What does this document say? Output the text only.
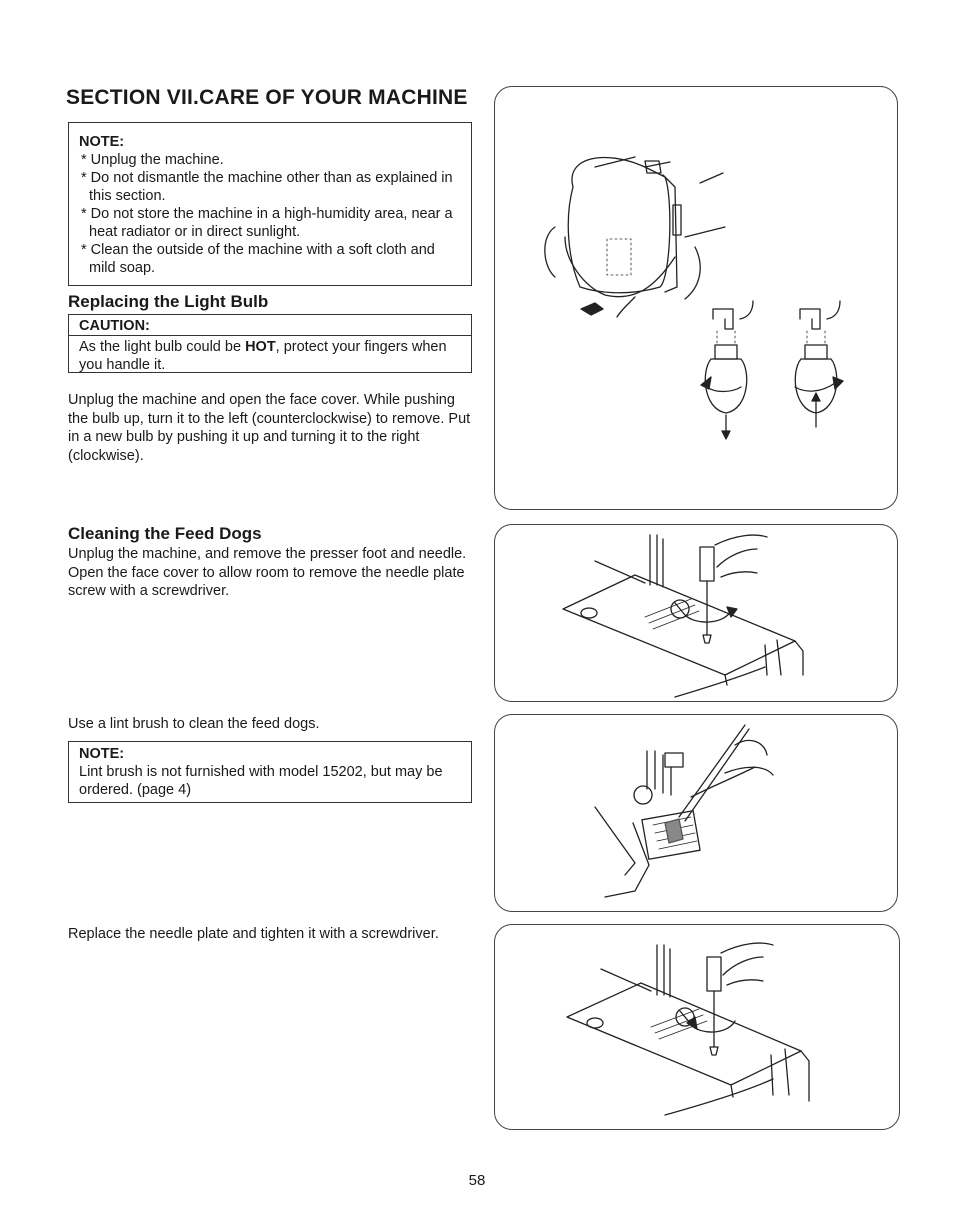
SECTION VII.CARE OF YOUR MACHINE
NOTE:
* Unplug the machine.
* Do not dismantle the machine other than as explained in this section.
* Do not store the machine in a high-humidity area, near a heat radiator or in direct sunlight.
* Clean the outside of the machine with a soft cloth and mild soap.
Replacing the Light Bulb
CAUTION:
As the light bulb could be HOT, protect your fingers when you handle it.
Unplug the machine and open the face cover. While pushing the bulb up, turn it to the left (counterclockwise) to remove. Put in a new bulb by pushing it up and turning it to the right (clockwise).
Cleaning the Feed Dogs
Unplug the machine, and remove the presser foot and needle. Open the face cover to allow room to remove the needle plate screw with a screwdriver.
Use a lint brush to clean the feed dogs.
NOTE:
Lint brush is not furnished with model 15202, but may be ordered. (page 4)
Replace the needle plate and tighten it with a screwdriver.
58
